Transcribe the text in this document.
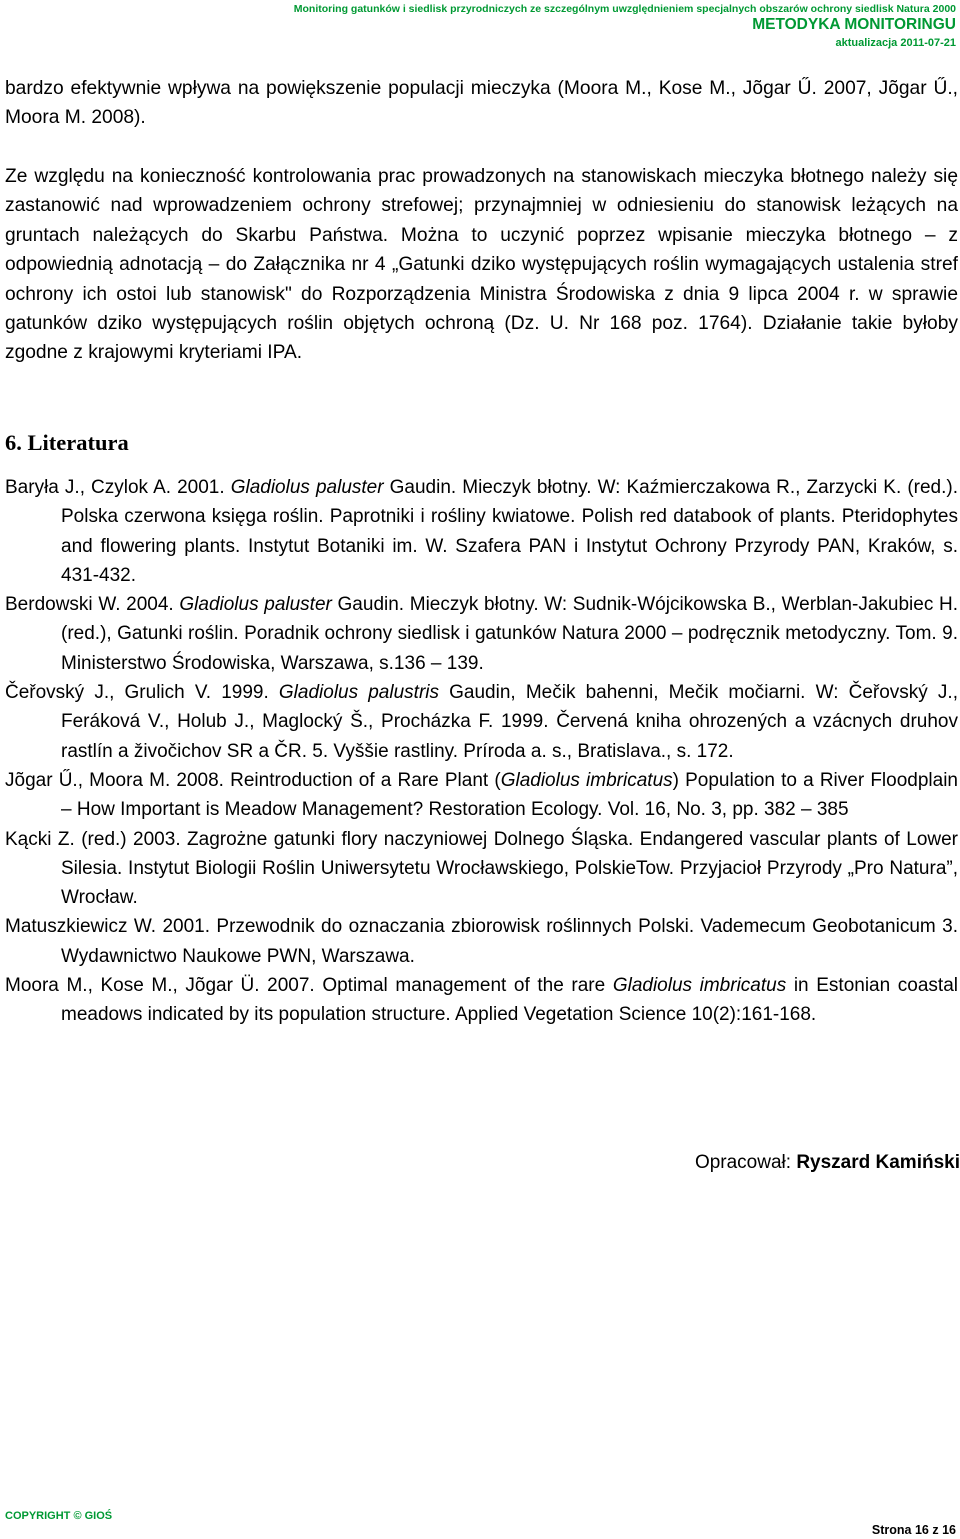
Monitoring gatunków i siedlisk przyrodniczych ze szczególnym uwzględnieniem specjalnych obszarów ochrony siedlisk Natura 2000
METODYKA MONITORINGU
aktualizacja 2011-07-21

bardzo efektywnie wpływa na powiększenie populacji mieczyka (Moora M., Kose M., Jõgar Ű. 2007, Jõgar Ű., Moora M. 2008).

Ze względu na konieczność kontrolowania prac prowadzonych na stanowiskach mieczyka błotnego należy się zastanowić nad wprowadzeniem ochrony strefowej; przynajmniej w odniesieniu do stanowisk leżących na gruntach należących do Skarbu Państwa. Można to uczynić poprzez wpisanie mieczyka błotnego – z odpowiednią adnotacją – do Załącznika nr 4 „Gatunki dziko występujących roślin wymagających ustalenia stref ochrony ich ostoi lub stanowisk" do Rozporządzenia Ministra Środowiska z dnia 9 lipca 2004 r. w sprawie gatunków dziko występujących roślin objętych ochroną (Dz. U. Nr 168 poz. 1764). Działanie takie byłoby zgodne z krajowymi kryteriami IPA.

6. Literatura
Baryła J., Czylok A. 2001. Gladiolus paluster Gaudin. Mieczyk błotny. W: Kaźmierczakowa R., Zarzycki K. (red.). Polska czerwona księga roślin. Paprotniki i rośliny kwiatowe. Polish red databook of plants. Pteridophytes and flowering plants. Instytut Botaniki im. W. Szafera PAN i Instytut Ochrony Przyrody PAN, Kraków, s. 431-432.
Berdowski W. 2004. Gladiolus paluster Gaudin. Mieczyk błotny. W: Sudnik-Wójcikowska B., Werblan-Jakubiec H. (red.), Gatunki roślin. Poradnik ochrony siedlisk i gatunków Natura 2000 – podręcznik metodyczny. Tom. 9. Ministerstwo Środowiska, Warszawa, s.136 – 139.
Čeřovský J., Grulich V. 1999. Gladiolus palustris Gaudin, Mečik bahenni, Mečik močiarni. W: Čeřovský J., Feráková V., Holub J., Maglocký Š., Procházka F. 1999. Červená kniha ohrozených a vzácnych druhov rastlín a živočichov SR a ČR. 5. Vyššie rastliny. Príroda a. s., Bratislava., s. 172.
Jõgar Ű., Moora M. 2008. Reintroduction of a Rare Plant (Gladiolus imbricatus) Population to a River Floodplain – How Important is Meadow Management? Restoration Ecology. Vol. 16, No. 3, pp. 382 – 385
Kącki Z. (red.) 2003. Zagrożne gatunki flory naczyniowej Dolnego Śląska. Endangered vascular plants of Lower Silesia. Instytut Biologii Roślin Uniwersytetu Wrocławskiego, PolskieTow. Przyjacioł Przyrody „Pro Natura”, Wrocław.
Matuszkiewicz W. 2001. Przewodnik do oznaczania zbiorowisk roślinnych Polski. Vademecum Geobotanicum 3. Wydawnictwo Naukowe PWN, Warszawa.
Moora M., Kose M., Jõgar Ü. 2007. Optimal management of the rare Gladiolus imbricatus in Estonian coastal meadows indicated by its population structure. Applied Vegetation Science 10(2):161-168.
Opracował: Ryszard Kamiński
COPYRIGHT © GIOŚ
Strona 16 z 16
